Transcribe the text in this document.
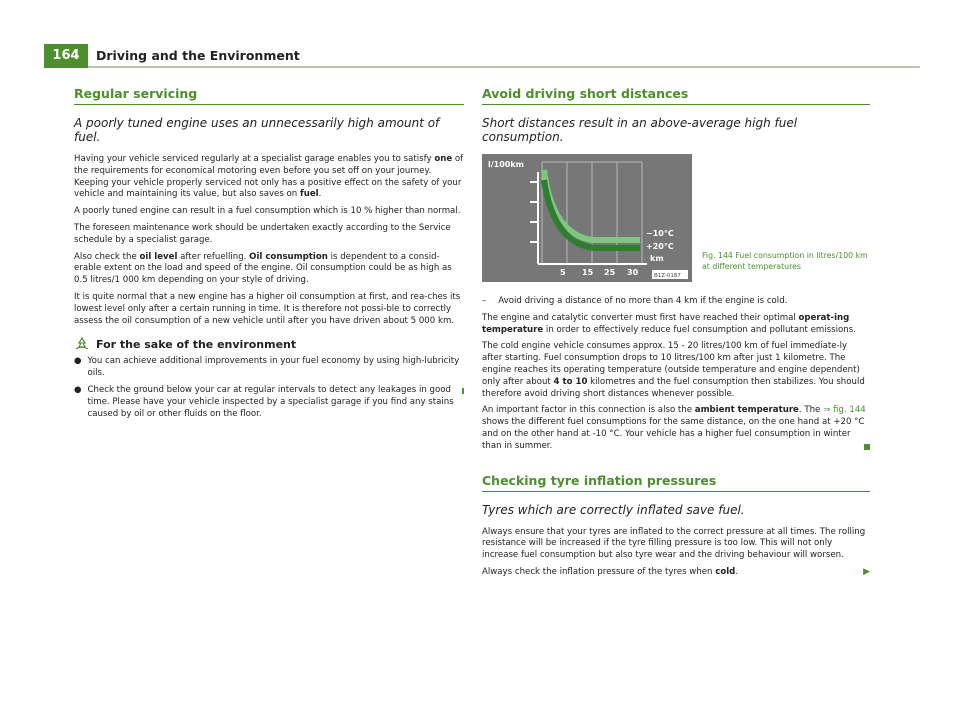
164	Driving and the Environment
Regular servicing
A poorly tuned engine uses an unnecessarily high amount of fuel.

Having your vehicle serviced regularly at a specialist garage enables you to satisfy one of the requirements for economical motoring even before you set off on your journey. Keeping your vehicle properly serviced not only has a positive effect on the safety of your vehicle and maintaining its value, but also saves on fuel.

A poorly tuned engine can result in a fuel consumption which is 10 % higher than normal.

The foreseen maintenance work should be undertaken exactly according to the Service schedule by a specialist garage.

Also check the oil level after refuelling. Oil consumption is dependent to a consid-erable extent on the load and speed of the engine. Oil consumption could be as high as 0.5 litres/1 000 km depending on your style of driving.

It is quite normal that a new engine has a higher oil consumption at first, and rea-ches its lowest level only after a certain running in time. It is therefore not possi-ble to correctly assess the oil consumption of a new vehicle until after you have driven about 5 000 km.

For the sake of the environment

● You can achieve additional improvements in your fuel economy by using high-lubricity oils.

● Check the ground below your car at regular intervals to detect any leakages in good time. Please have your vehicle inspected by a specialist garage if you find any stains caused by oil or other fluids on the floor.

Avoid driving short distances
Short distances result in an above-average high fuel consumption.
l/100km
−10°C
+20°C
km
5 15 25 30	B1Z-0187
Fig. 144 Fuel consumption in litres/100 km at different temperatures

– Avoid driving a distance of no more than 4 km if the engine is cold.

The engine and catalytic converter must first have reached their optimal operat-ing temperature in order to effectively reduce fuel consumption and pollutant emissions.

The cold engine vehicle consumes approx. 15 - 20 litres/100 km of fuel immediate-ly after starting. Fuel consumption drops to 10 litres/100 km after just 1 kilometre. The engine reaches its operating temperature (outside temperature and engine dependent) only after about 4 to 10 kilometres and the fuel consumption then stabilizes. You should therefore avoid driving short distances whenever possible.

An important factor in this connection is also the ambient temperature. The ⇒ fig. 144 shows the different fuel consumptions for the same distance, on the one hand at +20 °C and on the other hand at -10 °C. Your vehicle has a higher fuel consumption in winter than in summer.

Checking tyre inflation pressures
Tyres which are correctly inflated save fuel.

Always ensure that your tyres are inflated to the correct pressure at all times. The rolling resistance will be increased if the tyre filling pressure is too low. This will not only increase fuel consumption but also tyre wear and the driving behaviour will worsen.

Always check the inflation pressure of the tyres when cold.	▶
